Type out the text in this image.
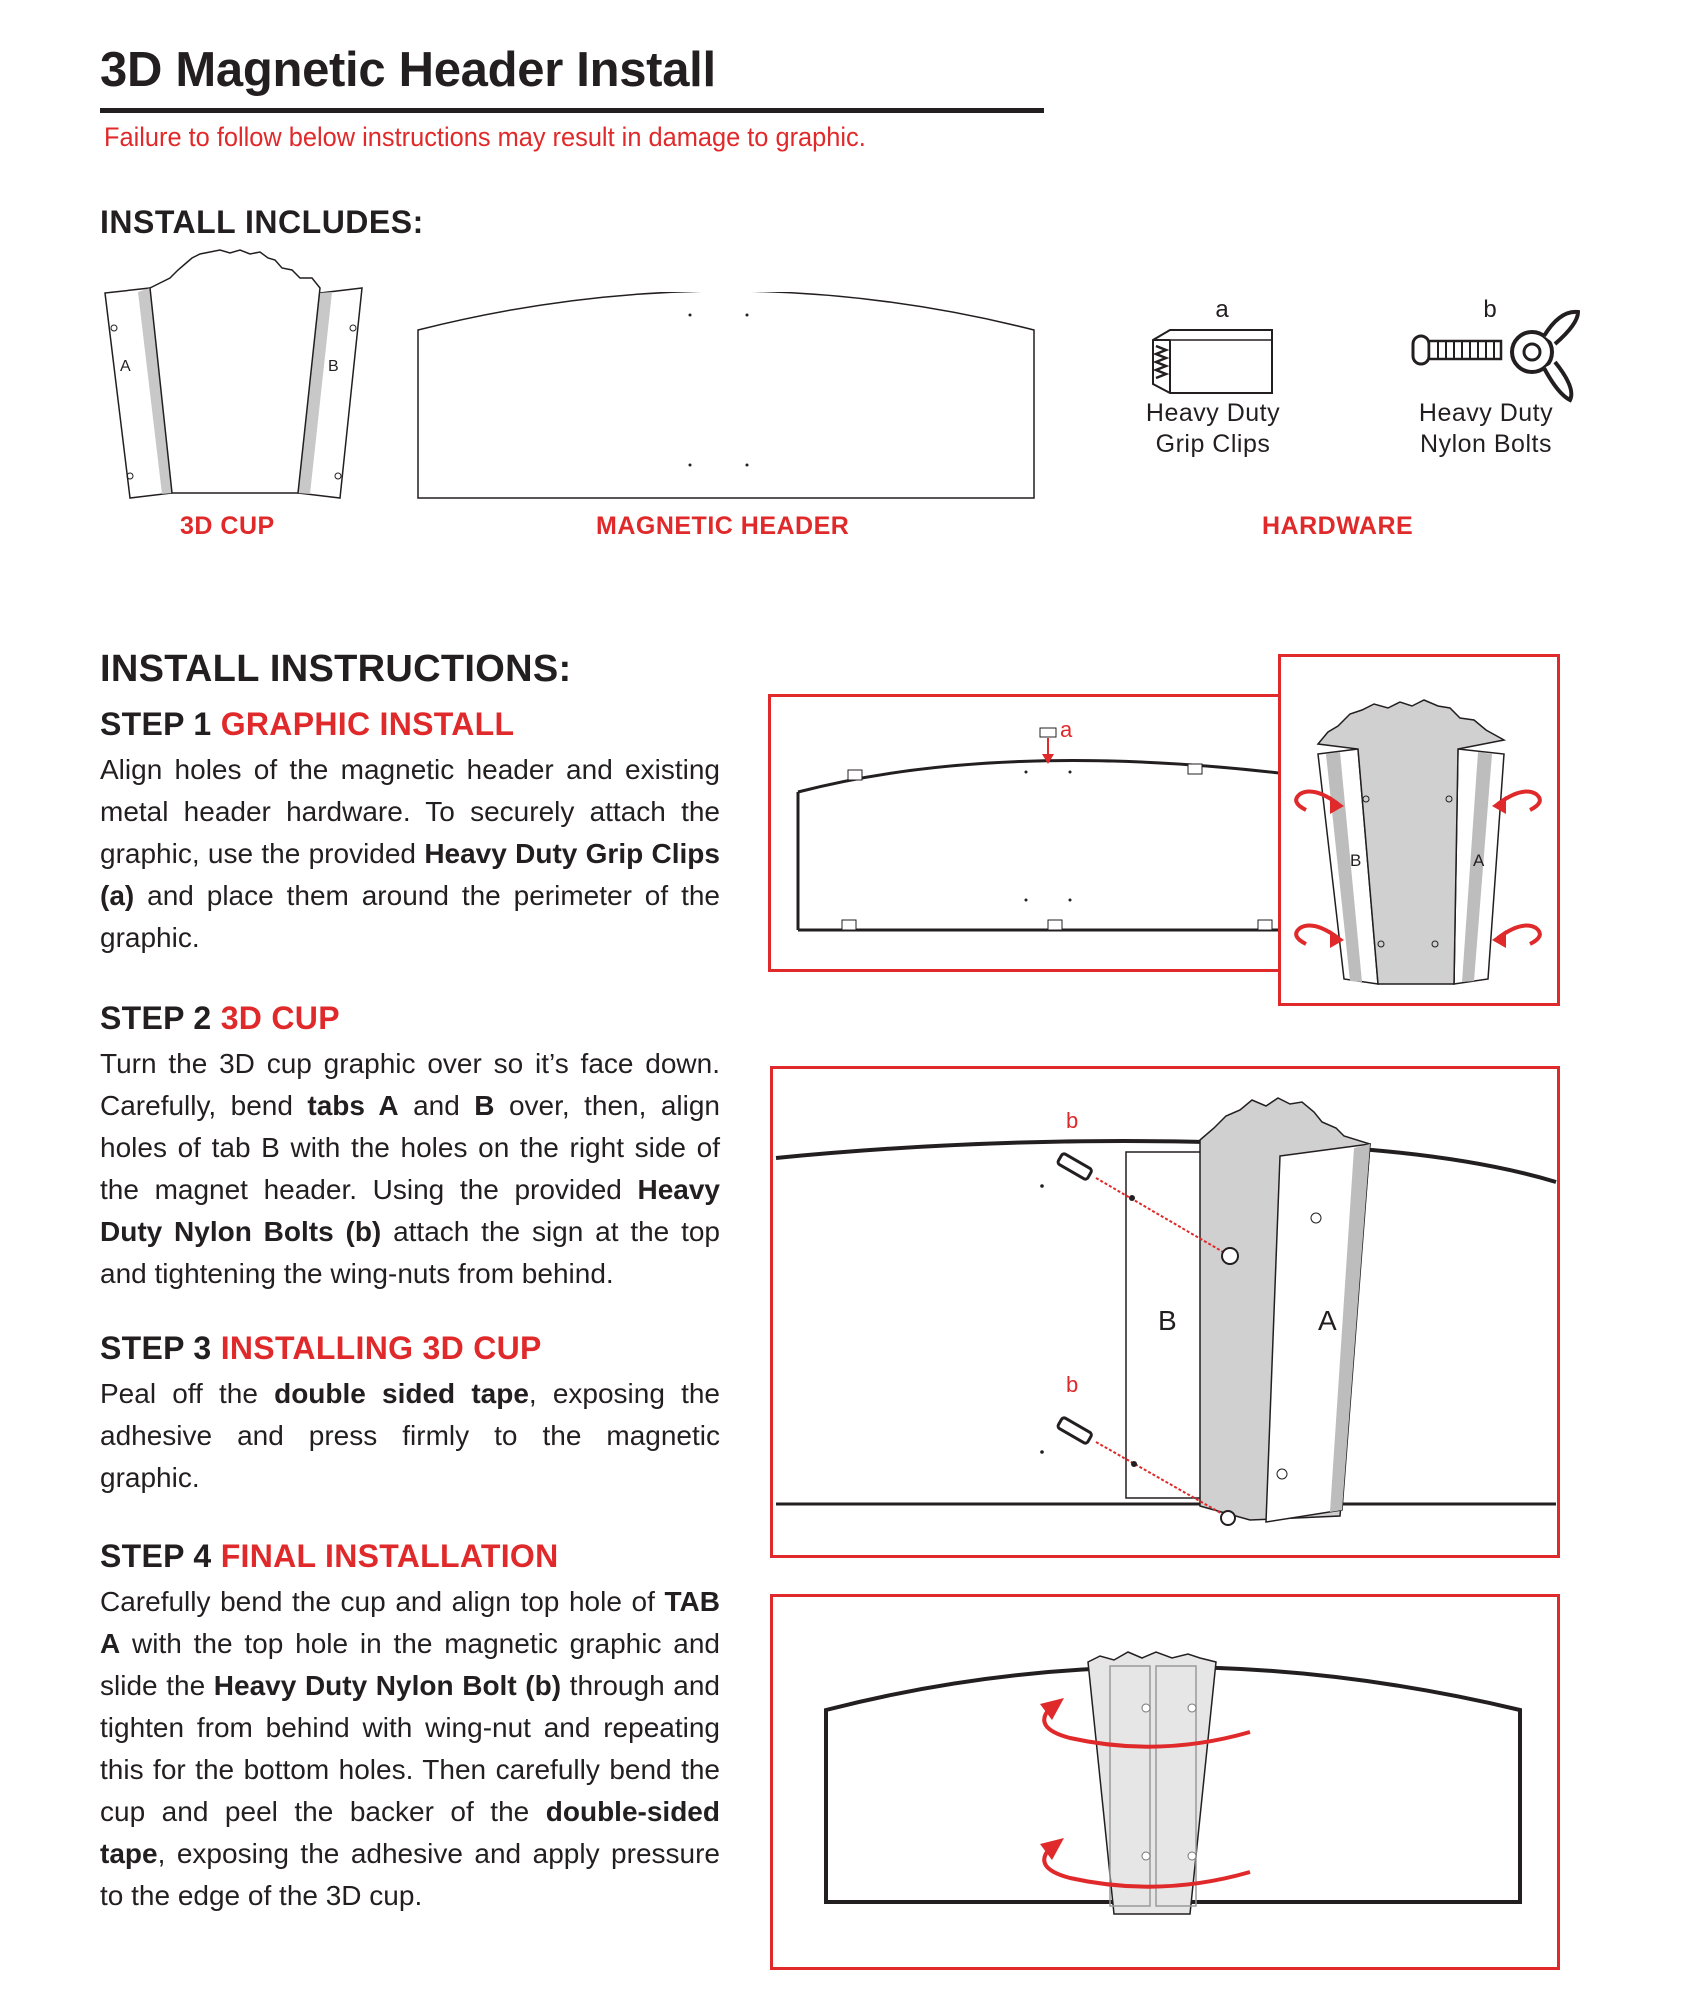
3D Magnetic Header Install
Failure to follow below instructions may result in damage to graphic.
INSTALL INCLUDES:
A	B
3D CUP	MAGNETIC HEADER
a
Heavy Duty
Grip Clips
b
Heavy Duty
Nylon Bolts
HARDWARE
INSTALL INSTRUCTIONS:
STEP 1 GRAPHIC INSTALL
Align holes of the magnetic header and existing metal header hardware. To securely attach the graphic, use the provided Heavy Duty Grip Clips (a) and place them around the perimeter of the graphic.
STEP 2 3D CUP
Turn the 3D cup graphic over so it’s face down. Carefully, bend tabs A and B over, then, align holes of tab B with the holes on the right side of the magnet header. Using the provided Heavy Duty Nylon Bolts (b) attach the sign at the top and tightening the wing-nuts from behind.
STEP 3 INSTALLING 3D CUP
Peal off the double sided tape, exposing the adhesive and press firmly to the magnetic graphic.
STEP 4 FINAL INSTALLATION
Carefully bend the cup and align top hole of TAB A with the top hole in the magnetic graphic and slide the Heavy Duty Nylon Bolt (b) through and tighten from behind with wing-nut and repeating this for the bottom holes. Then carefully bend the cup and peel the backer of the double-sided tape, exposing the adhesive and apply pressure to the edge of the 3D cup.
a
B	A
B	A
b
b
